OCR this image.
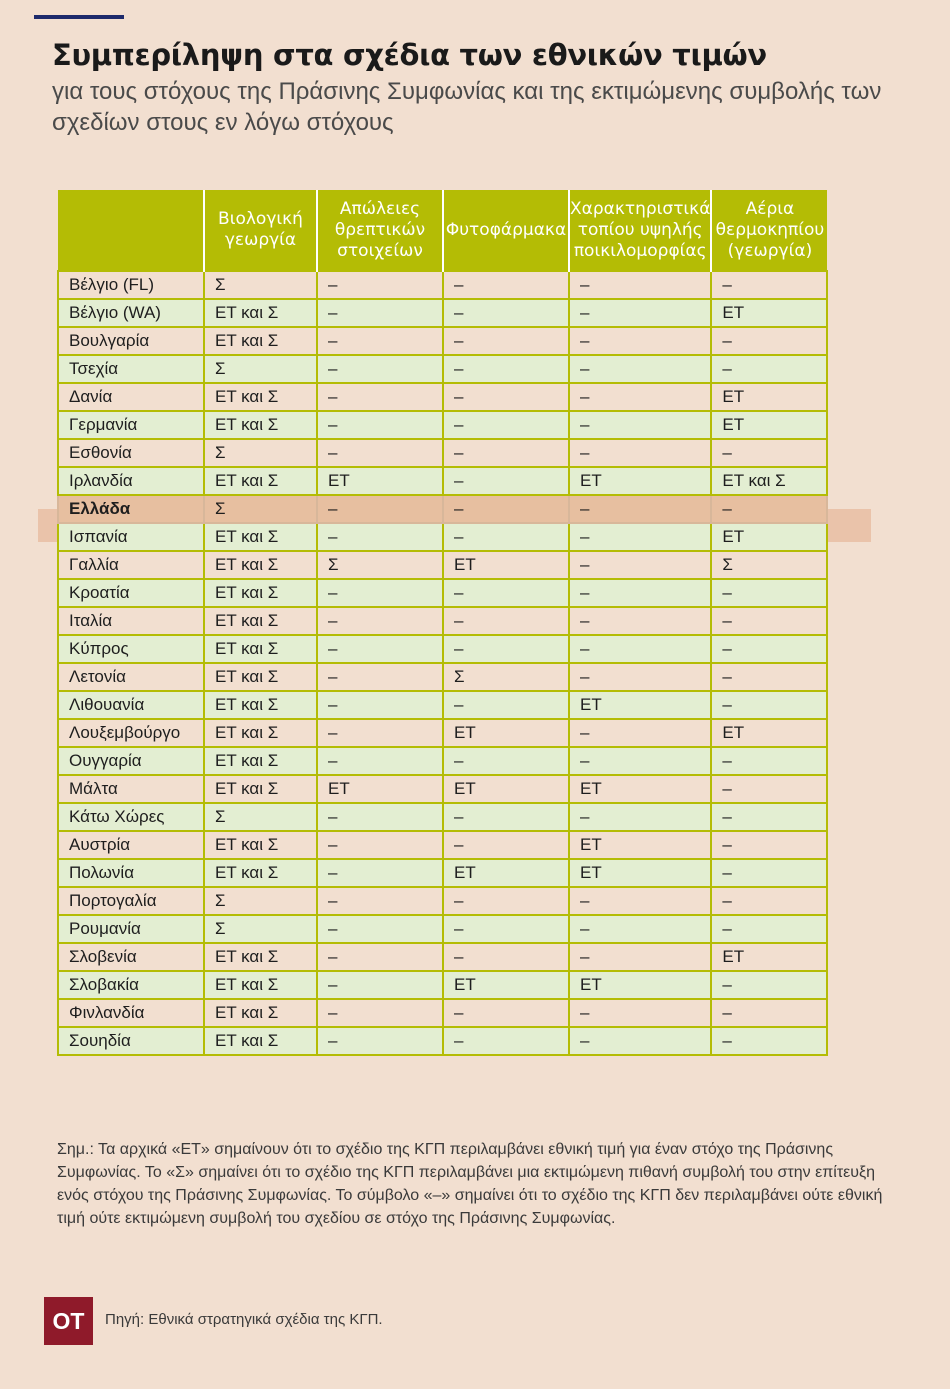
Συμπερίληψη στα σχέδια των εθνικών τιμών

για τους στόχους της Πράσινης Συμφωνίας και της εκτιμώμενης συμβολής των σχεδίων στους εν λόγω στόχους

	Βιολογική γεωργία	Απώλειες θρεπτικών στοιχείων	Φυτοφάρμακα	Χαρακτηριστικά τοπίου υψηλής ποικιλομορφίας	Αέρια θερμοκηπίου (γεωργία)
Βέλγιο (FL)	Σ	–	–	–	–
Βέλγιο (WA)	ΕΤ και Σ	–	–	–	ΕΤ
Βουλγαρία	ΕΤ και Σ	–	–	–	–
Τσεχία	Σ	–	–	–	–
Δανία	ΕΤ και Σ	–	–	–	ΕΤ
Γερμανία	ΕΤ και Σ	–	–	–	ΕΤ
Εσθονία	Σ	–	–	–	–
Ιρλανδία	ΕΤ και Σ	ΕΤ	–	ΕΤ	ΕΤ και Σ
Ελλάδα	Σ	–	–	–	–
Ισπανία	ΕΤ και Σ	–	–	–	ΕΤ
Γαλλία	ΕΤ και Σ	Σ	ΕΤ	–	Σ
Κροατία	ΕΤ και Σ	–	–	–	–
Ιταλία	ΕΤ και Σ	–	–	–	–
Κύπρος	ΕΤ και Σ	–	–	–	–
Λετονία	ΕΤ και Σ	–	Σ	–	–
Λιθουανία	ΕΤ και Σ	–	–	ΕΤ	–
Λουξεμβούργο	ΕΤ και Σ	–	ΕΤ	–	ΕΤ
Ουγγαρία	ΕΤ και Σ	–	–	–	–
Μάλτα	ΕΤ και Σ	ΕΤ	ΕΤ	ΕΤ	–
Κάτω Χώρες	Σ	–	–	–	–
Αυστρία	ΕΤ και Σ	–	–	ΕΤ	–
Πολωνία	ΕΤ και Σ	–	ΕΤ	ΕΤ	–
Πορτογαλία	Σ	–	–	–	–
Ρουμανία	Σ	–	–	–	–
Σλοβενία	ΕΤ και Σ	–	–	–	ΕΤ
Σλοβακία	ΕΤ και Σ	–	ΕΤ	ΕΤ	–
Φινλανδία	ΕΤ και Σ	–	–	–	–
Σουηδία	ΕΤ και Σ	–	–	–	–

Σημ.: Τα αρχικά «ΕΤ» σημαίνουν ότι το σχέδιο της ΚΓΠ περιλαμβάνει εθνική τιμή για έναν στόχο της Πράσινης Συμφωνίας. Το «Σ» σημαίνει ότι το σχέδιο της ΚΓΠ περιλαμβάνει μια εκτιμώμενη πιθανή συμβολή του στην επίτευξη ενός στόχου της Πράσινης Συμφωνίας. Το σύμβολο «–» σημαίνει ότι το σχέδιο της ΚΓΠ δεν περιλαμβάνει ούτε εθνική τιμή ούτε εκτιμώμενη συμβολή του σχεδίου σε στόχο της Πράσινης Συμφωνίας.

ΟΤ	Πηγή: Εθνικά στρατηγικά σχέδια της ΚΓΠ.
